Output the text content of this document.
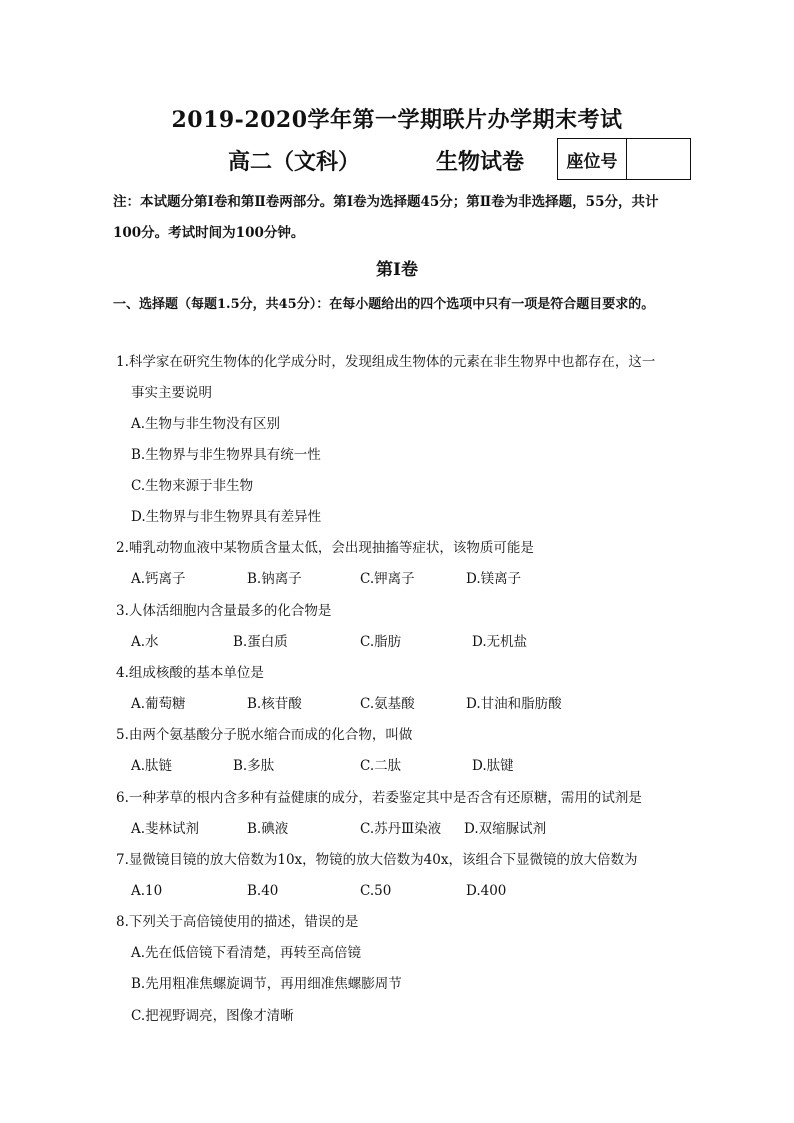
2019-2020学年第一学期联片办学期末考试
高二（文科）	生物试卷	座位号
注：本试题分第Ⅰ卷和第Ⅱ卷两部分。第Ⅰ卷为选择题45分；第Ⅱ卷为非选择题，55分，共计100分。考试时间为100分钟。
第Ⅰ卷
一、选择题（每题1.5分，共45分）：在每小题给出的四个选项中只有一项是符合题目要求的。
1.科学家在研究生物体的化学成分时，发现组成生物体的元素在非生物界中也都存在，这一
事实主要说明
A.生物与非生物没有区别
B.生物界与非生物界具有统一性
C.生物来源于非生物
D.生物界与非生物界具有差异性
2.哺乳动物血液中某物质含量太低，会出现抽搐等症状，该物质可能是
A.钙离子	B.钠离子	C.钾离子	D.镁离子
3.人体活细胞内含量最多的化合物是
A.水	B.蛋白质	C.脂肪	D.无机盐
4.组成核酸的基本单位是
A.葡萄糖	B.核苷酸	C.氨基酸	D.甘油和脂肪酸
5.由两个氨基酸分子脱水缩合而成的化合物，叫做
A.肽链	B.多肽	C.二肽	D.肽键
6.一种茅草的根内含多种有益健康的成分，若委鉴定其中是否含有还原糖，需用的试剂是
A.斐林试剂	B.碘液	C.苏丹Ⅲ染液 D.双缩脲试剂
7.显微镜目镜的放大倍数为10x，物镜的放大倍数为40x，该组合下显微镜的放大倍数为
A.10	B.40	C.50	D.400
8.下列关于高倍镜使用的描述，错误的是
A.先在低倍镜下看清楚，再转至高倍镜
B.先用粗准焦螺旋调节，再用细准焦螺膨周节
C.把视野调亮，图像才清晰
